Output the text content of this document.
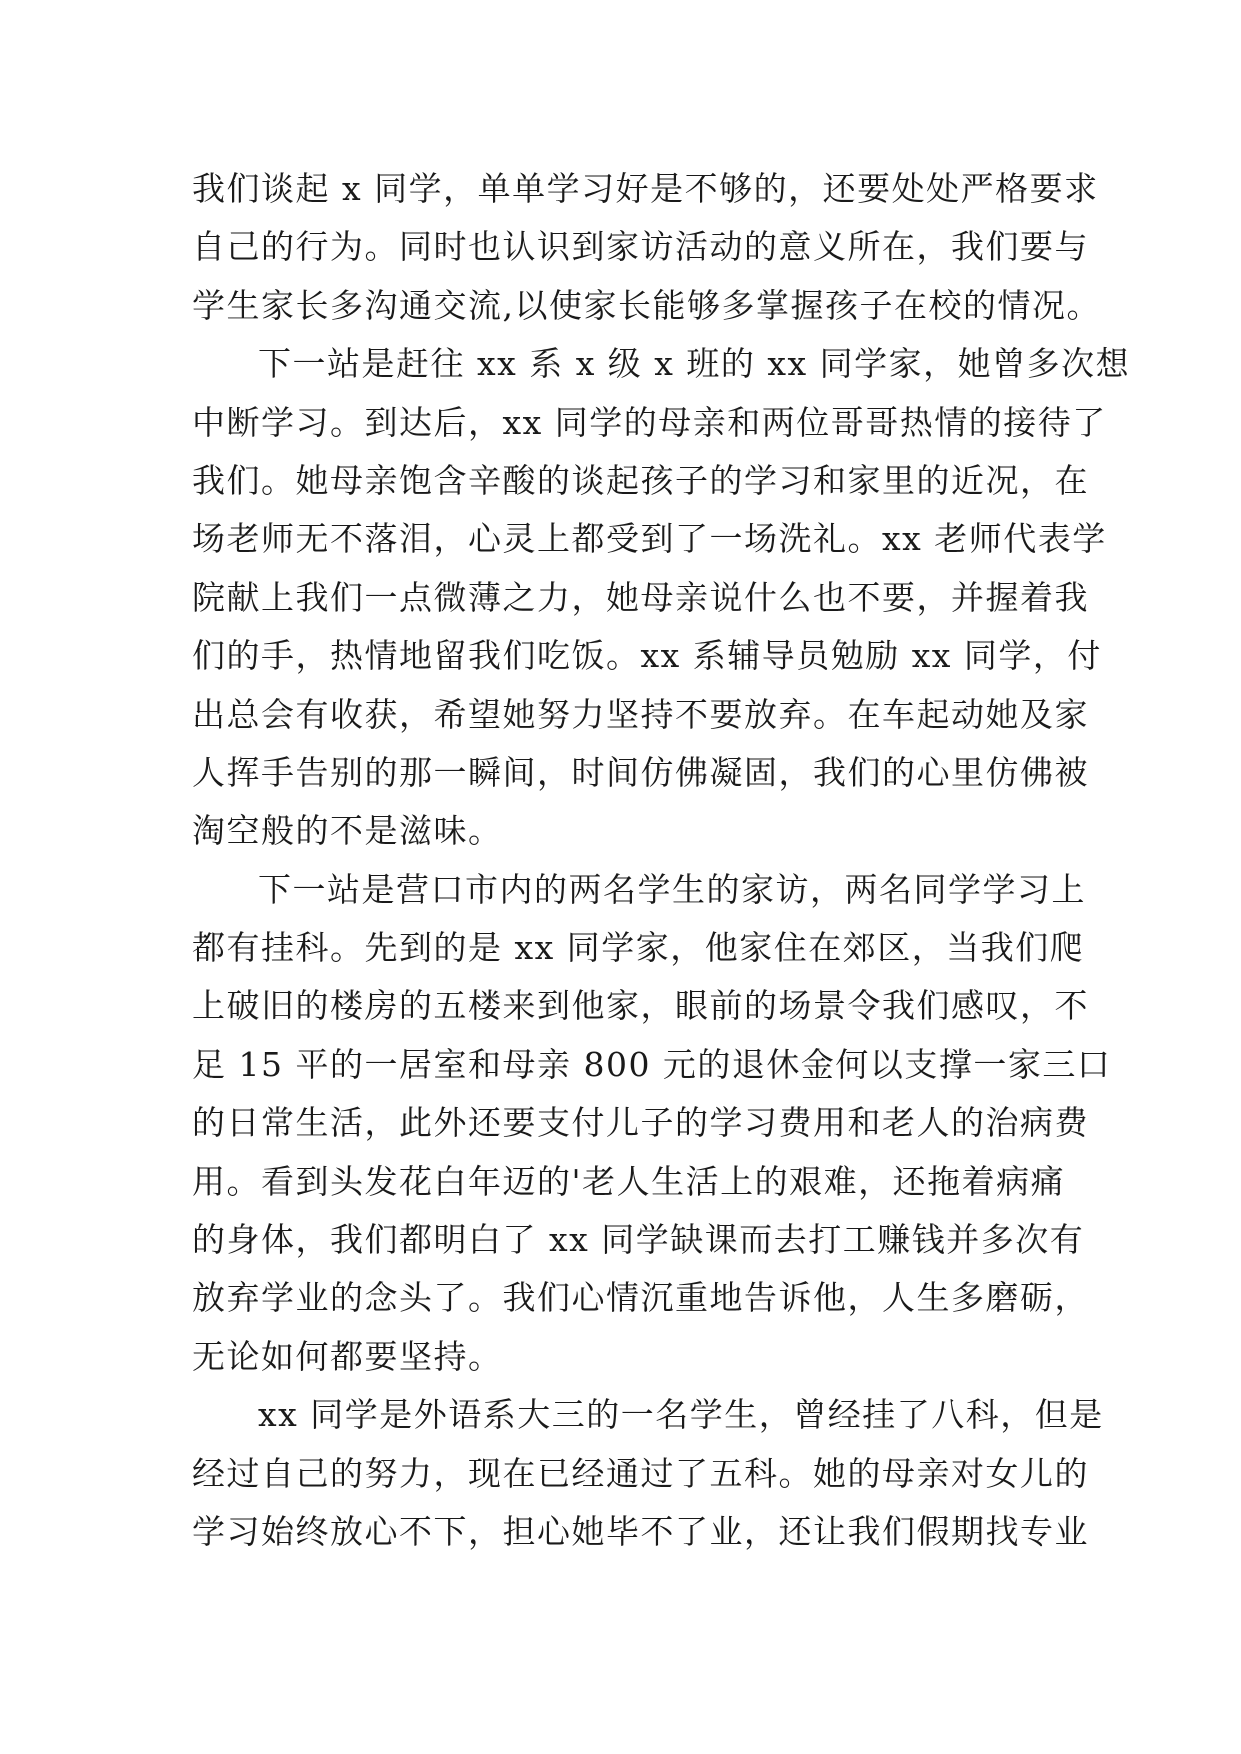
我们谈起 x 同学，单单学习好是不够的，还要处处严格要求
自己的行为。同时也认识到家访活动的意义所在，我们要与
学生家长多沟通交流,以使家长能够多掌握孩子在校的情况。
下一站是赶往 xx 系 x 级 x 班的 xx 同学家，她曾多次想
中断学习。到达后，xx 同学的母亲和两位哥哥热情的接待了
我们。她母亲饱含辛酸的谈起孩子的学习和家里的近况，在
场老师无不落泪，心灵上都受到了一场洗礼。xx 老师代表学
院献上我们一点微薄之力，她母亲说什么也不要，并握着我
们的手，热情地留我们吃饭。xx 系辅导员勉励 xx 同学，付
出总会有收获，希望她努力坚持不要放弃。在车起动她及家
人挥手告别的那一瞬间，时间仿佛凝固，我们的心里仿佛被
淘空般的不是滋味。
下一站是营口市内的两名学生的家访，两名同学学习上
都有挂科。先到的是 xx 同学家，他家住在郊区，当我们爬
上破旧的楼房的五楼来到他家，眼前的场景令我们感叹，不
足 15 平的一居室和母亲 800 元的退休金何以支撑一家三口
的日常生活，此外还要支付儿子的学习费用和老人的治病费
用。看到头发花白年迈的'老人生活上的艰难，还拖着病痛
的身体，我们都明白了 xx 同学缺课而去打工赚钱并多次有
放弃学业的念头了。我们心情沉重地告诉他，人生多磨砺，
无论如何都要坚持。
xx 同学是外语系大三的一名学生，曾经挂了八科，但是
经过自己的努力，现在已经通过了五科。她的母亲对女儿的
学习始终放心不下，担心她毕不了业，还让我们假期找专业
